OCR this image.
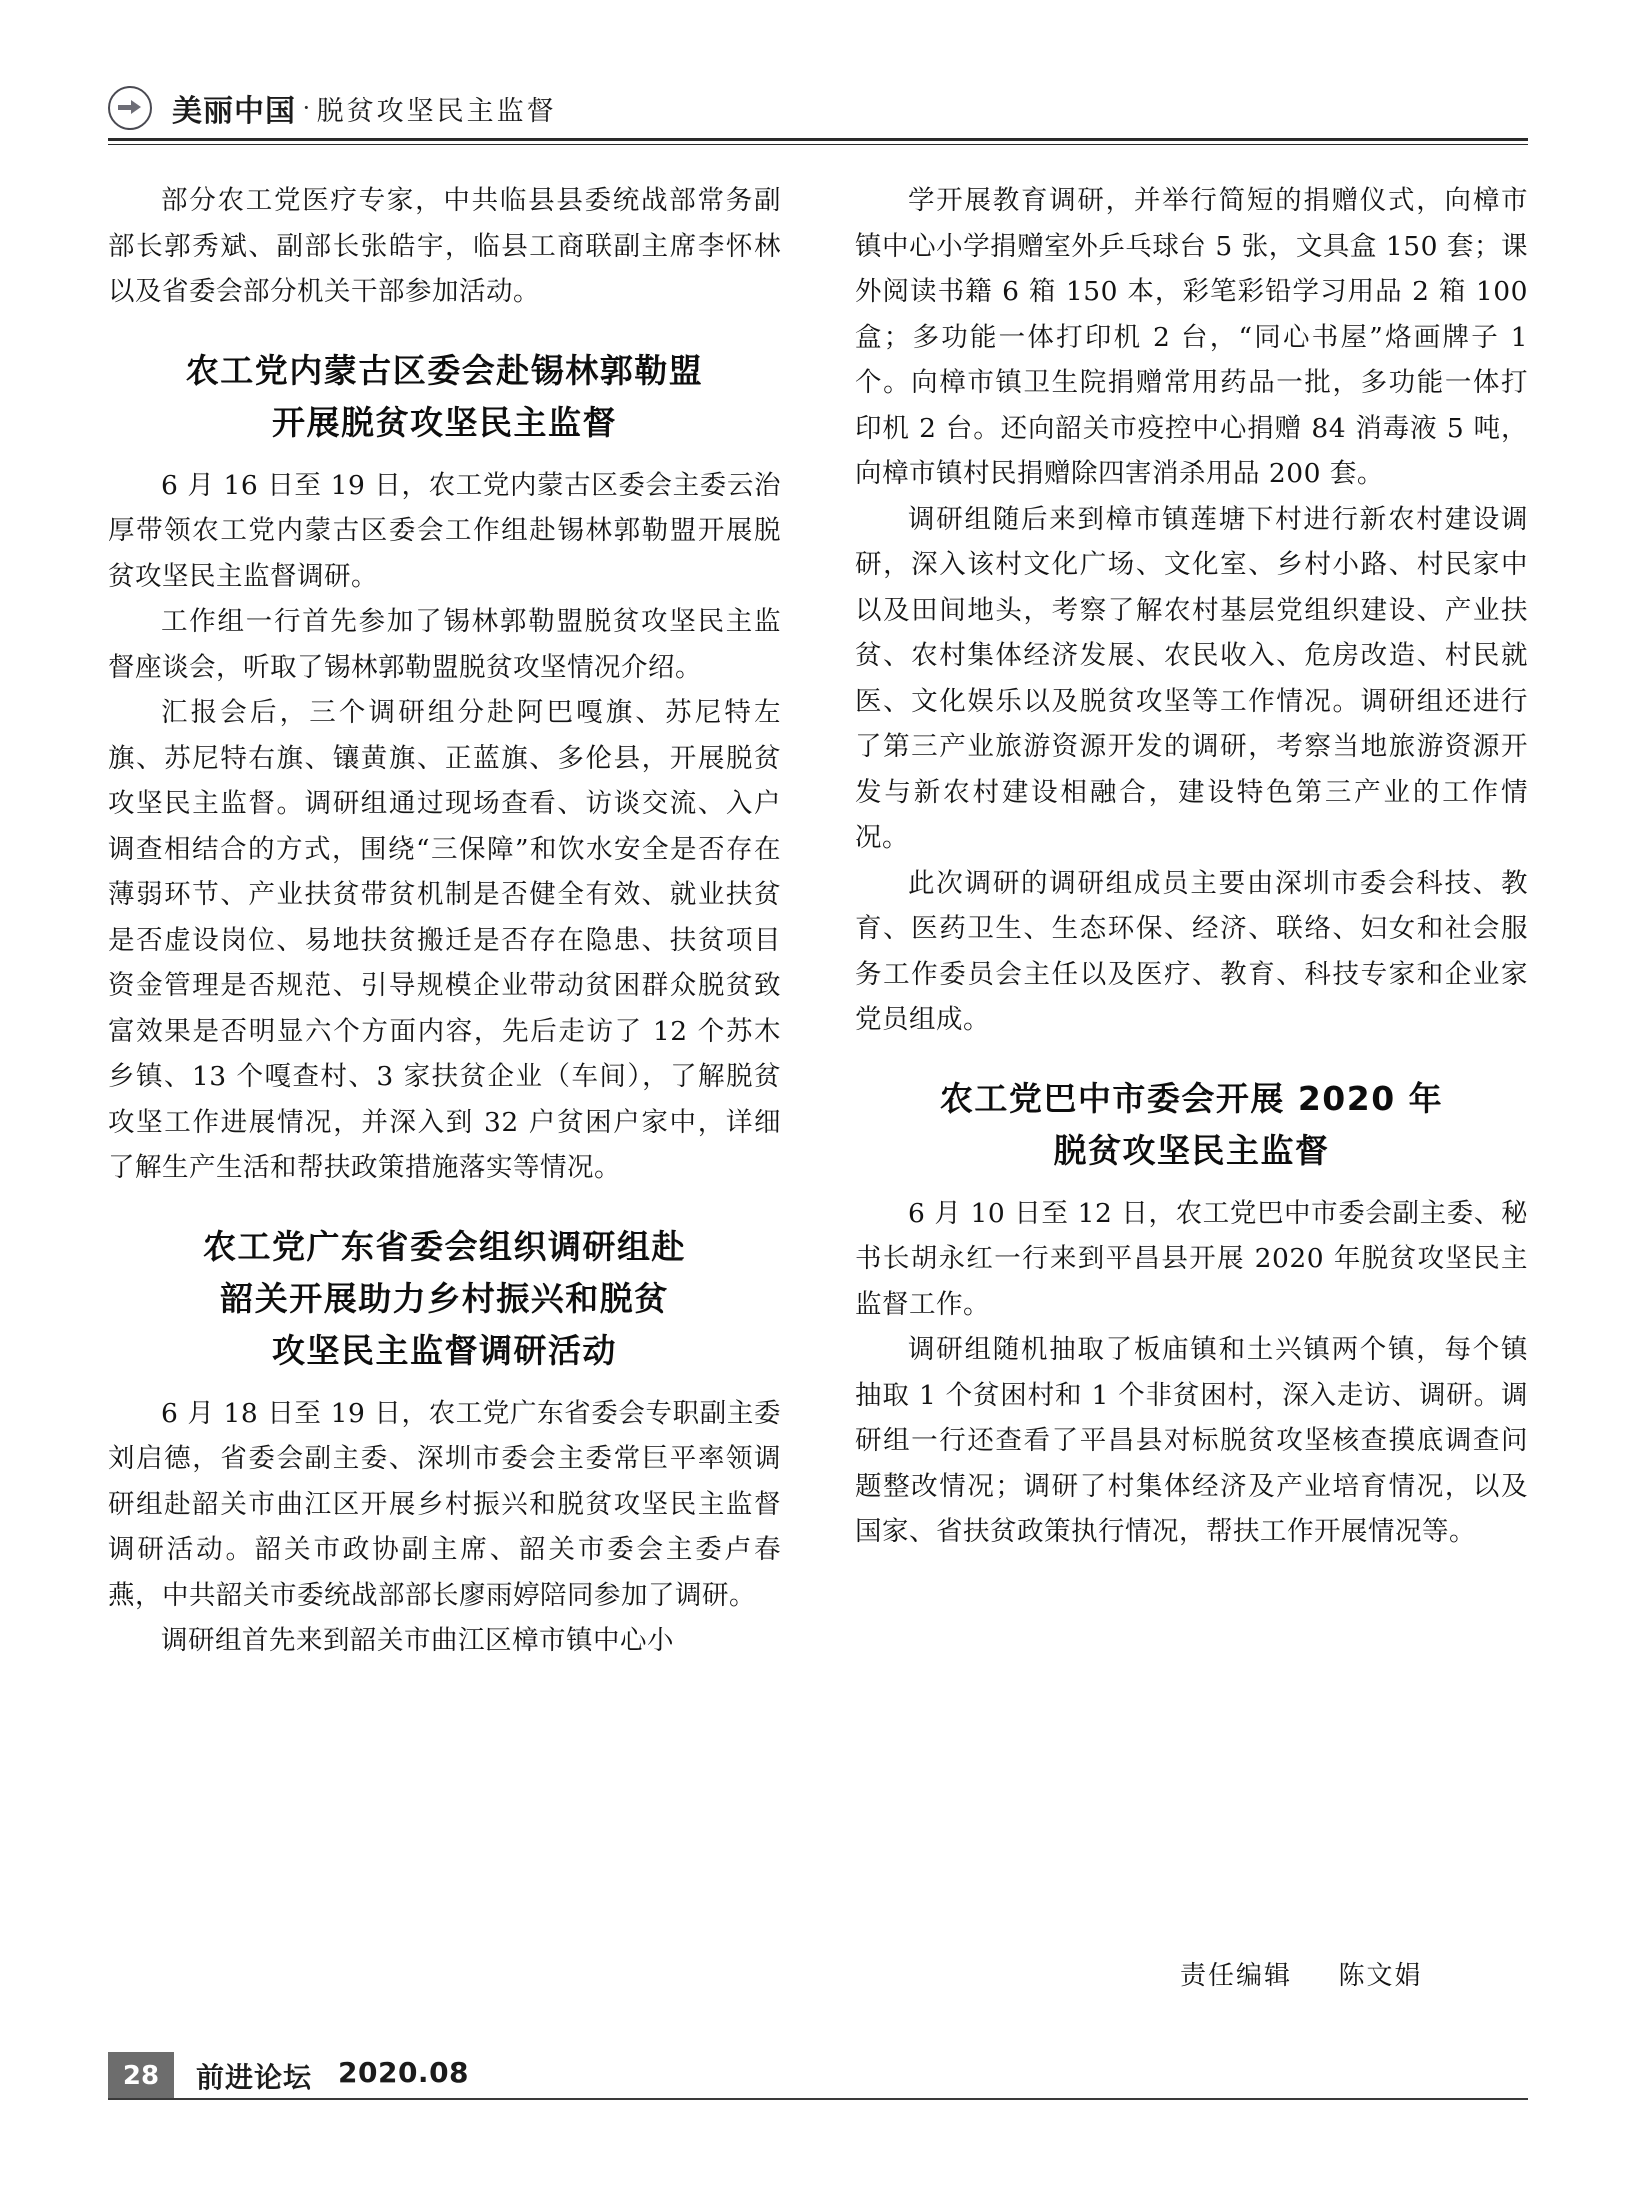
美丽中国 · 脱贫攻坚民主监督

部分农工党医疗专家，中共临县县委统战部常务副部长郭秀斌、副部长张皓宇，临县工商联副主席李怀林以及省委会部分机关干部参加活动。

农工党内蒙古区委会赴锡林郭勒盟
开展脱贫攻坚民主监督

6 月 16 日至 19 日，农工党内蒙古区委会主委云治厚带领农工党内蒙古区委会工作组赴锡林郭勒盟开展脱贫攻坚民主监督调研。

工作组一行首先参加了锡林郭勒盟脱贫攻坚民主监督座谈会，听取了锡林郭勒盟脱贫攻坚情况介绍。

汇报会后，三个调研组分赴阿巴嘎旗、苏尼特左旗、苏尼特右旗、镶黄旗、正蓝旗、多伦县，开展脱贫攻坚民主监督。调研组通过现场查看、访谈交流、入户调查相结合的方式，围绕“三保障”和饮水安全是否存在薄弱环节、产业扶贫带贫机制是否健全有效、就业扶贫是否虚设岗位、易地扶贫搬迁是否存在隐患、扶贫项目资金管理是否规范、引导规模企业带动贫困群众脱贫致富效果是否明显六个方面内容，先后走访了 12 个苏木乡镇、13 个嘎查村、3 家扶贫企业（车间），了解脱贫攻坚工作进展情况，并深入到 32 户贫困户家中，详细了解生产生活和帮扶政策措施落实等情况。

农工党广东省委会组织调研组赴
韶关开展助力乡村振兴和脱贫
攻坚民主监督调研活动

6 月 18 日至 19 日，农工党广东省委会专职副主委刘启德，省委会副主委、深圳市委会主委常巨平率领调研组赴韶关市曲江区开展乡村振兴和脱贫攻坚民主监督调研活动。韶关市政协副主席、韶关市委会主委卢春燕，中共韶关市委统战部部长廖雨婷陪同参加了调研。

调研组首先来到韶关市曲江区樟市镇中心小

学开展教育调研，并举行简短的捐赠仪式，向樟市镇中心小学捐赠室外乒乓球台 5 张，文具盒 150 套；课外阅读书籍 6 箱 150 本，彩笔彩铅学习用品 2 箱 100 盒；多功能一体打印机 2 台，“同心书屋”烙画牌子 1 个。向樟市镇卫生院捐赠常用药品一批，多功能一体打印机 2 台。还向韶关市疫控中心捐赠 84 消毒液 5 吨，向樟市镇村民捐赠除四害消杀用品 200 套。

调研组随后来到樟市镇莲塘下村进行新农村建设调研，深入该村文化广场、文化室、乡村小路、村民家中以及田间地头，考察了解农村基层党组织建设、产业扶贫、农村集体经济发展、农民收入、危房改造、村民就医、文化娱乐以及脱贫攻坚等工作情况。调研组还进行了第三产业旅游资源开发的调研，考察当地旅游资源开发与新农村建设相融合，建设特色第三产业的工作情况。

此次调研的调研组成员主要由深圳市委会科技、教育、医药卫生、生态环保、经济、联络、妇女和社会服务工作委员会主任以及医疗、教育、科技专家和企业家党员组成。

农工党巴中市委会开展 2020 年
脱贫攻坚民主监督

6 月 10 日至 12 日，农工党巴中市委会副主委、秘书长胡永红一行来到平昌县开展 2020 年脱贫攻坚民主监督工作。

调研组随机抽取了板庙镇和土兴镇两个镇，每个镇抽取 1 个贫困村和 1 个非贫困村，深入走访、调研。调研组一行还查看了平昌县对标脱贫攻坚核查摸底调查问题整改情况；调研了村集体经济及产业培育情况，以及国家、省扶贫政策执行情况，帮扶工作开展情况等。

责任编辑 陈文娟
28	前进论坛 2020.08
